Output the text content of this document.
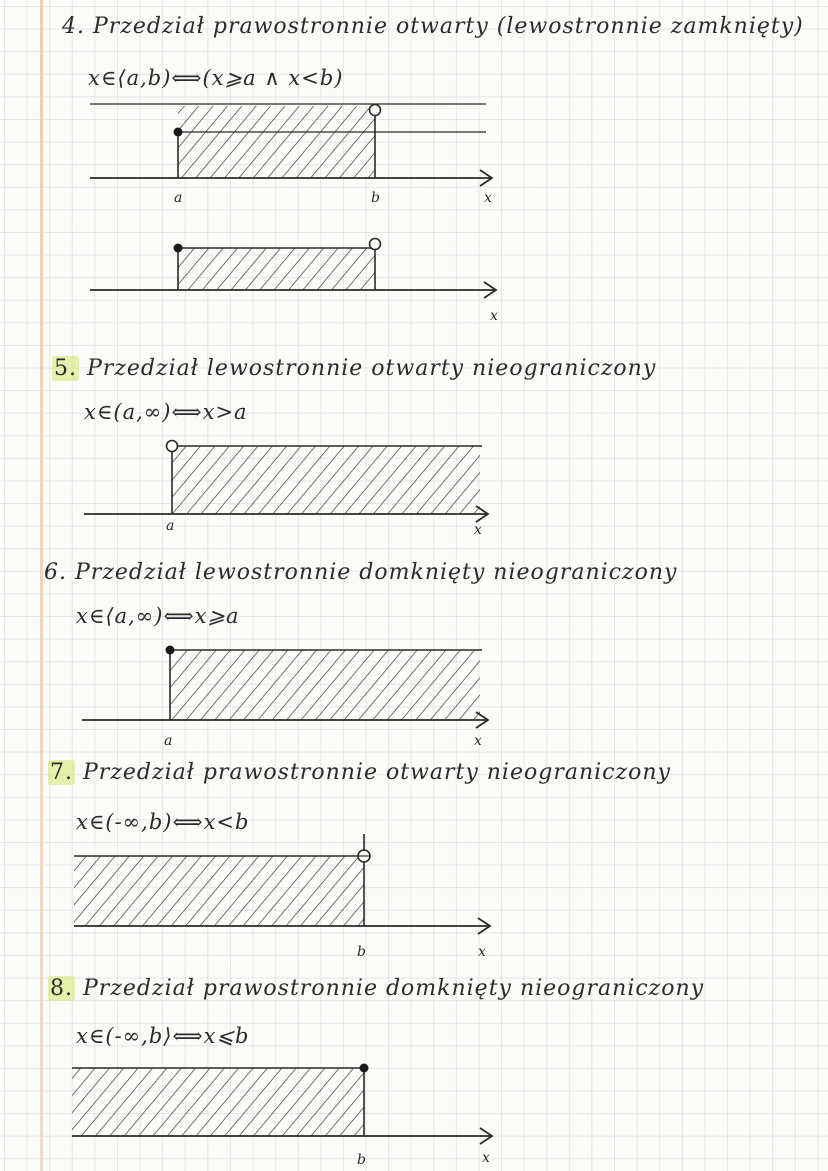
4. Przedział prawostronnie otwarty (lewostronnie zamknięty)
x∈⟨a,b)⟺(x⩾a ∧ x<b)
5. Przedział lewostronnie otwarty nieograniczony
x∈(a,∞)⟺x>a
6. Przedział lewostronnie domknięty nieograniczony
x∈⟨a,∞)⟺x⩾a
7. Przedział prawostronnie otwarty nieograniczony
x∈(-∞,b)⟺x<b
8. Przedział prawostronnie domknięty nieograniczony
x∈(-∞,b⟩⟺x⩽b
a	b	x
x
a	x
a	x
b	x
b	x
